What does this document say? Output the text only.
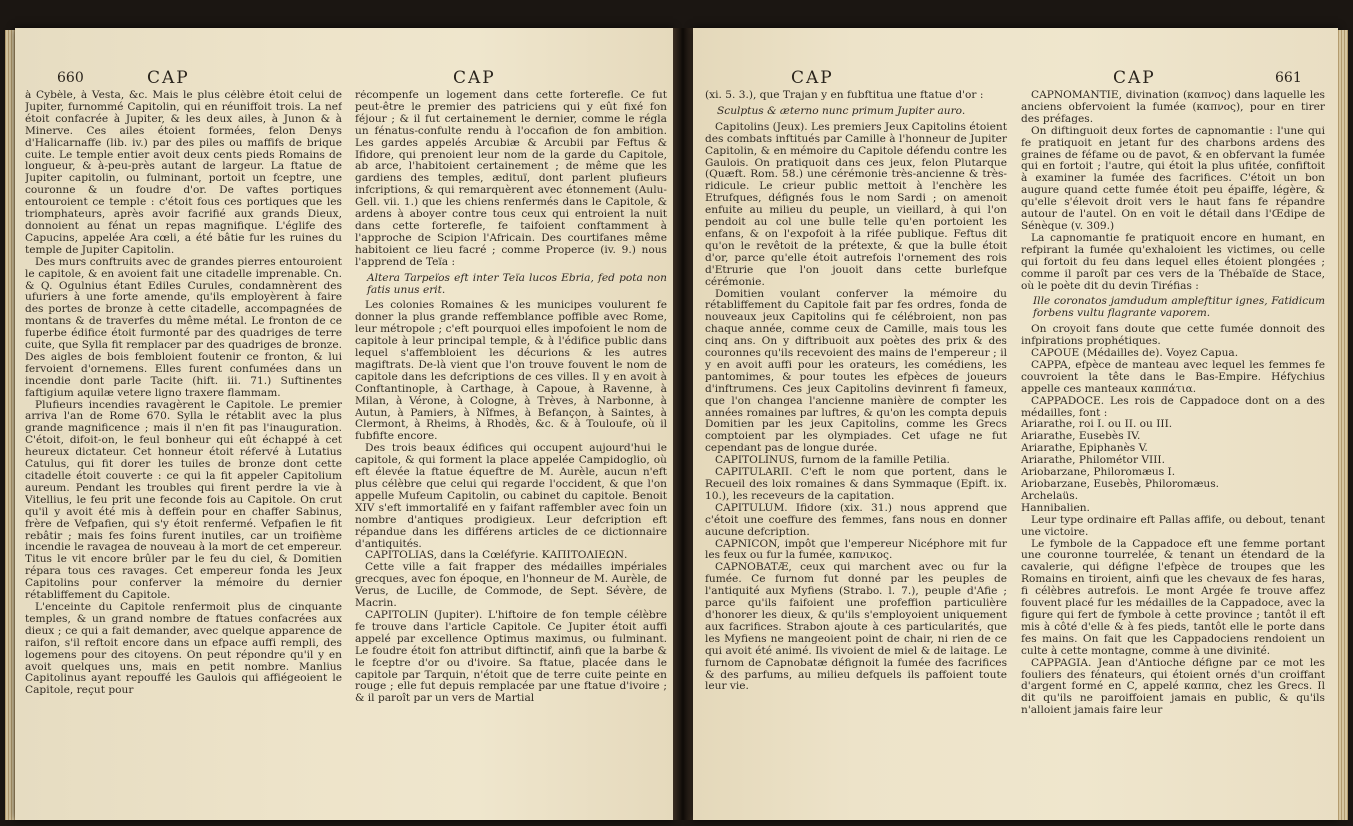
660	CAP	CAP

à Cybèle, à Vesta, &c. Mais le plus célèbre étoit celui de Jupiter, furnommé Capitolin, qui en réuniffoit trois. La nef étoit confacrée à Jupiter, & les deux ailes, à Junon & à Minerve. Ces ailes étoient formées, felon Denys d'Halicarnaffe (lib. iv.) par des piles ou maffifs de brique cuite. Le temple entier avoit deux cents pieds Romains de longueur, & à-peu-près autant de largeur. La ftatue de Jupiter capitolin, ou fulminant, portoit un fceptre, une couronne & un foudre d'or. De vaftes portiques entouroient ce temple : c'étoit fous ces portiques que les triomphateurs, après avoir facrifié aux grands Dieux, donnoient au fénat un repas magnifique. L'églife des Capucins, appelée Ara cœli, a été bâtie fur les ruines du temple de Jupiter Capitolin.

Des murs conftruits avec de grandes pierres entouroient le capitole, & en avoient fait une citadelle imprenable. Cn. & Q. Ogulnius étant Ediles Curules, condamnèrent des ufuriers à une forte amende, qu'ils employèrent à faire des portes de bronze à cette citadelle, accompagnées de montans & de traverfes du même métal. Le fronton de ce fuperbe édifice étoit furmonté par des quadriges de terre cuite, que Sylla fit remplacer par des quadriges de bronze. Des aigles de bois fembloient foutenir ce fronton, & lui fervoient d'ornemens. Elles furent confumées dans un incendie dont parle Tacite (hift. iii. 71.) Suftinentes faftigium aquilæ vetere ligno traxere flammam.

Plufieurs incendies ravagèrent le Capitole. Le premier arriva l'an de Rome 670. Sylla le rétablit avec la plus grande magnificence ; mais il n'en fit pas l'inauguration. C'étoit, difoit-on, le feul bonheur qui eût échappé à cet heureux dictateur. Cet honneur étoit réfervé à Lutatius Catulus, qui fit dorer les tuiles de bronze dont cette citadelle étoit couverte : ce qui la fit appeler Capitolium aureum. Pendant les troubles qui firent perdre la vie à Vitellius, le feu prit une feconde fois au Capitole. On crut qu'il y avoit été mis à deffein pour en chaffer Sabinus, frère de Vefpafien, qui s'y étoit renfermé. Vefpafien le fit rebâtir ; mais fes foins furent inutiles, car un troifième incendie le ravagea de nouveau à la mort de cet empereur. Titus le vit encore brûler par le feu du ciel, & Domitien répara tous ces ravages. Cet empereur fonda les Jeux Capitolins pour conferver la mémoire du dernier rétabliffement du Capitole.

L'enceinte du Capitole renfermoit plus de cinquante temples, & un grand nombre de ftatues confacrées aux dieux ; ce qui a fait demander, avec quelque apparence de raifon, s'il reftoit encore dans un efpace auffi rempli, des logemens pour des citoyens. On peut répondre qu'il y en avoit quelques uns, mais en petit nombre. Manlius Capitolinus ayant repouffé les Gaulois qui affiégeoient le Capitole, reçut pour

récompenfe un logement dans cette forterefle. Ce fut peut-être le premier des patriciens qui y eût fixé fon féjour ; & il fut certainement le dernier, comme le régla un fénatus-confulte rendu à l'occafion de fon ambition. Les gardes appelés Arcubiæ & Arcubii par Feftus & Ifidore, qui prenoient leur nom de la garde du Capitole, ab arce, l'habitoient certainement ; de même que les gardiens des temples, ædituï, dont parlent plufieurs infcriptions, & qui remarquèrent avec étonnement (Aulu-Gell. vii. 1.) que les chiens renfermés dans le Capitole, & ardens à aboyer contre tous ceux qui entroient la nuit dans cette forterefle, fe taifoient conftamment à l'approche de Scipion l'Africain. Des courtifanes même habitoient ce lieu facré ; comme Properce (iv. 9.) nous l'apprend de Teïa :

Altera Tarpeïos eft inter Teïa lucos Ebria, fed pota non fatis unus erit.

Les colonies Romaines & les municipes voulurent fe donner la plus grande reffemblance poffible avec Rome, leur métropole ; c'eft pourquoi elles impofoient le nom de capitole à leur principal temple, & à l'édifice public dans lequel s'affembloient les décurions & les autres magiftrats. De-là vient que l'on trouve fouvent le nom de capitole dans les defcriptions de ces villes. Il y en avoit à Conftantinople, à Carthage, à Capoue, à Ravenne, à Milan, à Vérone, à Cologne, à Trèves, à Narbonne, à Autun, à Pamiers, à Nîfmes, à Befançon, à Saintes, à Clermont, à Rheims, à Rhodès, &c. & à Touloufe, où il fubfifte encore.

Des trois beaux édifices qui occupent aujourd'hui le capitole, & qui forment la place appelée Campidoglio, où eft élevée la ftatue équeftre de M. Aurèle, aucun n'eft plus célèbre que celui qui regarde l'occident, & que l'on appelle Mufeum Capitolin, ou cabinet du capitole. Benoit XIV s'eft immortalifé en y faifant raffembler avec foin un nombre d'antiques prodigieux. Leur defcription eft répandue dans les différens articles de ce dictionnaire d'antiquités.

CAPITOLIAS, dans la Cœléfyrie. ΚΑΠΙΤΟΛΙΕΩΝ.

Cette ville a fait frapper des médailles impériales grecques, avec fon époque, en l'honneur de M. Aurèle, de Verus, de Lucille, de Commode, de Sept. Sévère, de Macrin.

CAPITOLIN (Jupiter). L'hiftoire de fon temple célèbre fe trouve dans l'article Capitole. Ce Jupiter étoit auffi appelé par excellence Optimus maximus, ou fulminant. Le foudre étoit fon attribut diftinctif, ainfi que la barbe & le fceptre d'or ou d'ivoire. Sa ftatue, placée dans le capitole par Tarquin, n'étoit que de terre cuite peinte en rouge ; elle fut depuis remplacée par une ftatue d'ivoire ; & il paroît par un vers de Martial

CAP	CAP	661

(xi. 5. 3.), que Trajan y en fubftitua une ftatue d'or :

Sculptus & æterno nunc primum Jupiter auro.

Capitolins (Jeux). Les premiers Jeux Capitolins étoient des combats inftitués par Camille à l'honneur de Jupiter Capitolin, & en mémoire du Capitole défendu contre les Gaulois. On pratiquoit dans ces jeux, felon Plutarque (Quæft. Rom. 58.) une cérémonie très-ancienne & très-ridicule. Le crieur public mettoit à l'enchère les Etrufques, défignés fous le nom Sardi ; on amenoit enfuite au milieu du peuple, un vieillard, à qui l'on pendoit au col une bulle telle qu'en portoient les enfans, & on l'expofoit à la rifée publique. Feftus dit qu'on le revêtoit de la prétexte, & que la bulle étoit d'or, parce qu'elle étoit autrefois l'ornement des rois d'Etrurie que l'on jouoit dans cette burlefque cérémonie.

Domitien voulant conferver la mémoire du rétabliffement du Capitole fait par fes ordres, fonda de nouveaux jeux Capitolins qui fe célébroient, non pas chaque année, comme ceux de Camille, mais tous les cinq ans. On y diftribuoit aux poètes des prix & des couronnes qu'ils recevoient des mains de l'empereur ; il y en avoit auffi pour les orateurs, les comédiens, les pantomimes, & pour toutes les efpèces de joueurs d'inftrumens. Ces jeux Capitolins devinrent fi fameux, que l'on changea l'ancienne manière de compter les années romaines par luftres, & qu'on les compta depuis Domitien par les jeux Capitolins, comme les Grecs comptoient par les olympiades. Cet ufage ne fut cependant pas de longue durée.

CAPITOLINUS, furnom de la famille Petilia.

CAPITULARII. C'eft le nom que portent, dans le Recueil des loix romaines & dans Symmaque (Epift. ix. 10.), les receveurs de la capitation.

CAPITULUM. Ifidore (xix. 31.) nous apprend que c'étoit une coeffure des femmes, fans nous en donner aucune defcription.

CAPNICON, impôt que l'empereur Nicéphore mit fur les feux ou fur la fumée, καπνικος.

CAPNOBATÆ, ceux qui marchent avec ou fur la fumée. Ce furnom fut donné par les peuples de l'antiquité aux Myfiens (Strabo. l. 7.), peuple d'Afie ; parce qu'ils faifoient une profeffion particulière d'honorer les dieux, & qu'ils s'employoient uniquement aux facrifices. Strabon ajoute à ces particularités, que les Myfiens ne mangeoient point de chair, ni rien de ce qui avoit été animé. Ils vivoient de miel & de laitage. Le furnom de Capnobatæ défignoit la fumée des facrifices & des parfums, au milieu defquels ils paffoient toute leur vie.

CAPNOMANTIE, divination (καπνος) dans laquelle les anciens obfervoient la fumée (καπνος), pour en tirer des préfages.

On diftinguoit deux fortes de capnomantie : l'une qui fe pratiquoit en jetant fur des charbons ardens des graines de féfame ou de pavot, & en obfervant la fumée qui en fortoit ; l'autre, qui étoit la plus ufitée, confiftoit à examiner la fumée des facrifices. C'étoit un bon augure quand cette fumée étoit peu épaiffe, légère, & qu'elle s'élevoit droit vers le haut fans fe répandre autour de l'autel. On en voit le détail dans l'Œdipe de Sénèque (v. 309.)

La capnomantie fe pratiquoit encore en humant, en refpirant la fumée qu'exhaloient les victimes, ou celle qui fortoit du feu dans lequel elles étoient plongées ; comme il paroît par ces vers de la Thébaïde de Stace, où le poète dit du devin Tiréfias :

Ille coronatos jamdudum ampleftitur ignes, Fatidicum forbens vultu flagrante vaporem.

On croyoit fans doute que cette fumée donnoit des infpirations prophétiques.

CAPOUE (Médailles de). Voyez Capua.

CAPPA, efpèce de manteau avec lequel les femmes fe couvroient la tête dans le Bas-Empire. Héfychius appelle ces manteaux καππάτια.

CAPPADOCE. Les rois de Cappadoce dont on a des médailles, font :

Ariarathe, roi I. ou II. ou III.

Ariarathe, Eusebès IV.

Ariarathe, Epiphanès V.

Ariarathe, Philométor VIII.

Ariobarzane, Philoromæus I.

Ariobarzane, Eusebès, Philoromæus.

Archelaüs.

Hannibalien.

Leur type ordinaire eft Pallas affife, ou debout, tenant une victoire.

Le fymbole de la Cappadoce eft une femme portant une couronne tourrelée, & tenant un étendard de la cavalerie, qui défigne l'efpèce de troupes que les Romains en tiroient, ainfi que les chevaux de fes haras, fi célèbres autrefois. Le mont Argée fe trouve affez fouvent placé fur les médailles de la Cappadoce, avec la figure qui fert de fymbole à cette province ; tantôt il eft mis à côté d'elle & à fes pieds, tantôt elle le porte dans fes mains. On fait que les Cappadociens rendoient un culte à cette montagne, comme à une divinité.

CAPPAGIA. Jean d'Antioche défigne par ce mot les fouliers des fénateurs, qui étoient ornés d'un croiffant d'argent formé en C, appelé καππα, chez les Grecs. Il dit qu'ils ne paroiffoient jamais en public, & qu'ils n'alloient jamais faire leur
